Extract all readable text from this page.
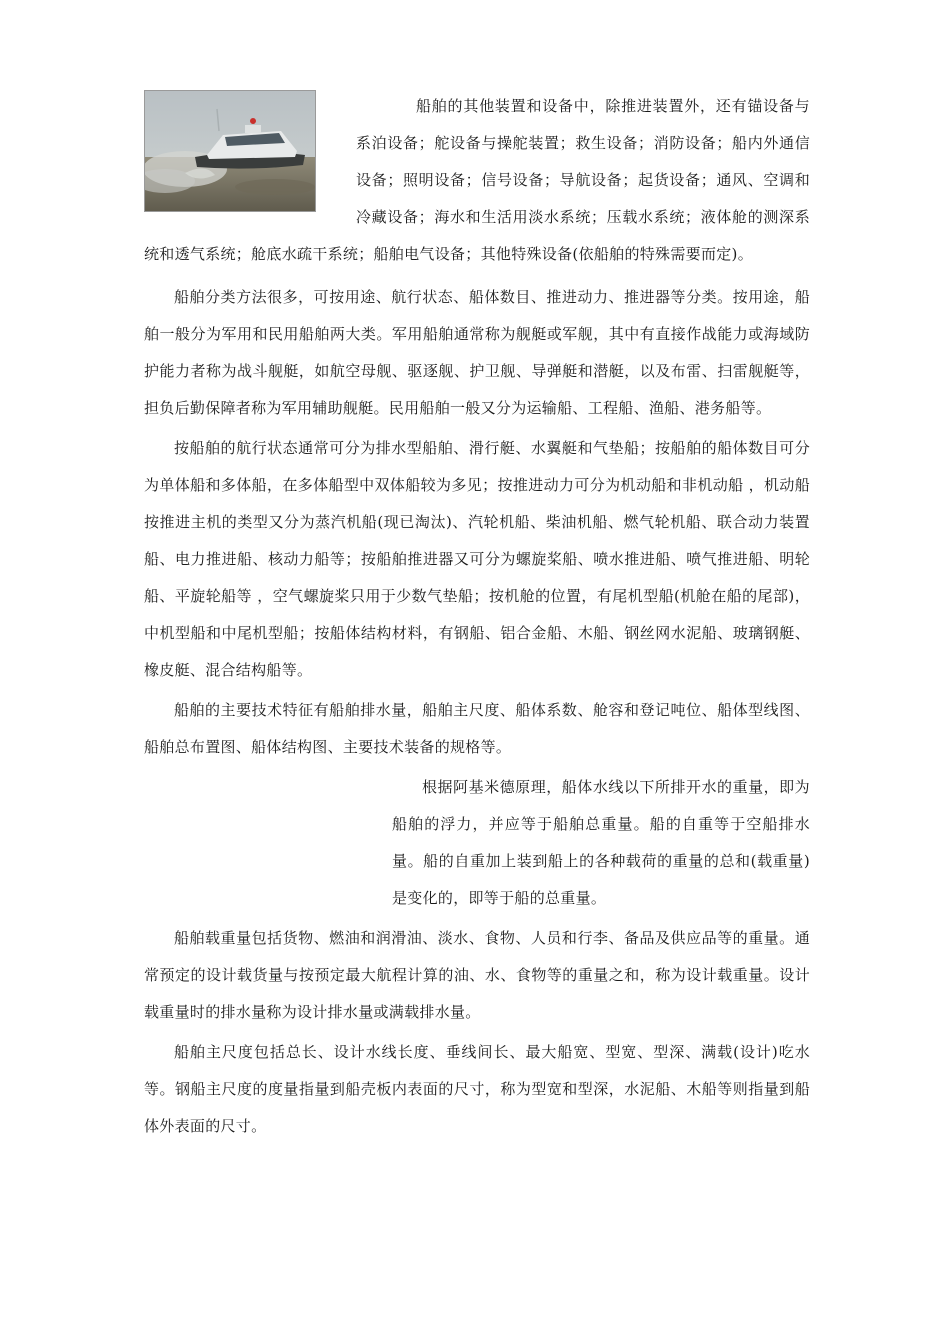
船舶的其他装置和设备中，除推进装置外，还有锚设备与系泊设备；舵设备与操舵装置；救生设备；消防设备；船内外通信设备；照明设备；信号设备；导航设备；起货设备；通风、空调和冷藏设备；海水和生活用淡水系统；压载水系统；液体舱的测深系统和透气系统；舱底水疏干系统；船舶电气设备；其他特殊设备(依船舶的特殊需要而定)。

船舶分类方法很多，可按用途、航行状态、船体数目、推进动力、推进器等分类。按用途，船舶一般分为军用和民用船舶两大类。军用船舶通常称为舰艇或军舰，其中有直接作战能力或海域防护能力者称为战斗舰艇，如航空母舰、驱逐舰、护卫舰、导弹艇和潜艇，以及布雷、扫雷舰艇等，担负后勤保障者称为军用辅助舰艇。民用船舶一般又分为运输船、工程船、渔船、港务船等。

按船舶的航行状态通常可分为排水型船舶、滑行艇、水翼艇和气垫船；按船舶的船体数目可分为单体船和多体船，在多体船型中双体船较为多见；按推进动力可分为机动船和非机动船 ，机动船按推进主机的类型又分为蒸汽机船(现已淘汰)、汽轮机船、柴油机船、燃气轮机船、联合动力装置船、电力推进船、核动力船等；按船舶推进器又可分为螺旋桨船、喷水推进船、喷气推进船、明轮船、平旋轮船等 ，空气螺旋桨只用于少数气垫船；按机舱的位置，有尾机型船(机舱在船的尾部)，中机型船和中尾机型船；按船体结构材料，有钢船、铝合金船、木船、钢丝网水泥船、玻璃钢艇、橡皮艇、混合结构船等。

船舶的主要技术特征有船舶排水量，船舶主尺度、船体系数、舱容和登记吨位、船体型线图、船舶总布置图、船体结构图、主要技术装备的规格等。

根据阿基米德原理，船体水线以下所排开水的重量，即为船舶的浮力，并应等于船舶总重量。船的自重等于空船排水量。船的自重加上装到船上的各种载荷的重量的总和(载重量)是变化的，即等于船的总重量。

船舶载重量包括货物、燃油和润滑油、淡水、食物、人员和行李、备品及供应品等的重量。通常预定的设计载货量与按预定最大航程计算的油、水、食物等的重量之和，称为设计载重量。设计载重量时的排水量称为设计排水量或满载排水量。

船舶主尺度包括总长、设计水线长度、垂线间长、最大船宽、型宽、型深、满载(设计)吃水等。钢船主尺度的度量指量到船壳板内表面的尺寸，称为型宽和型深，水泥船、木船等则指量到船体外表面的尺寸。
